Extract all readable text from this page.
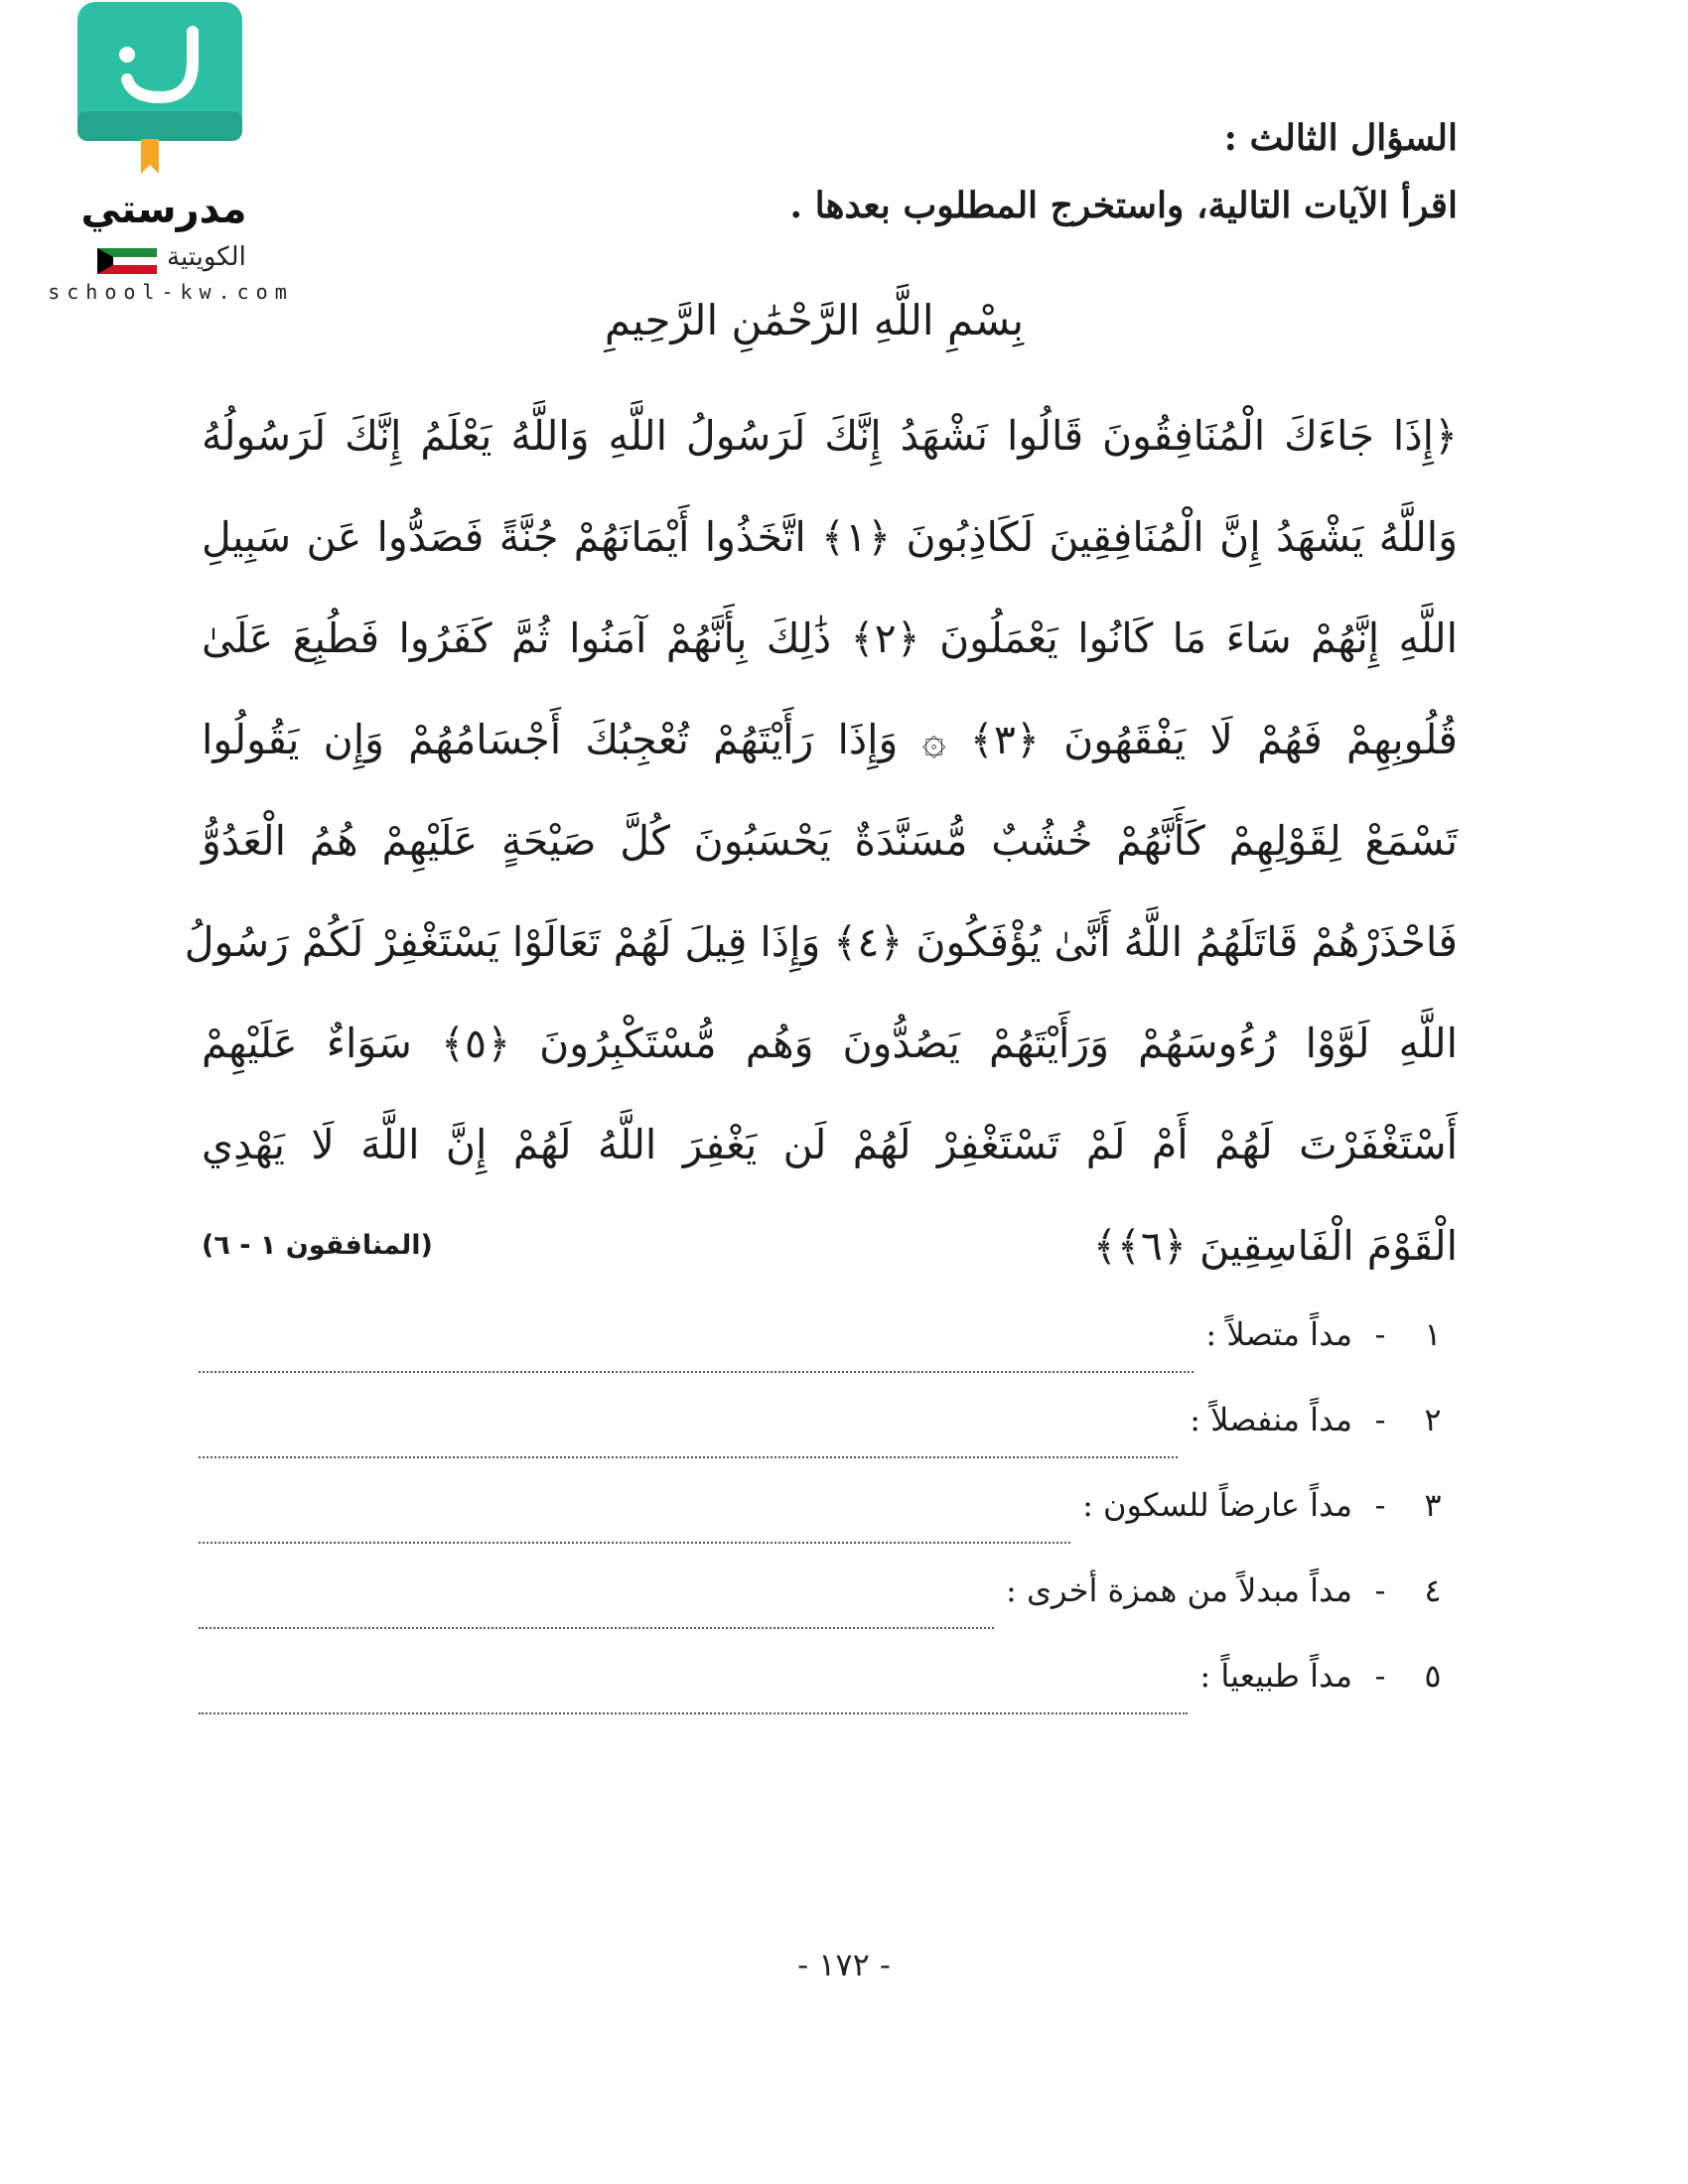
مدرستي
الكويتية
school-kw.com
السؤال الثالث :
اقرأ الآيات التالية، واستخرج المطلوب بعدها .
بِسْمِ اللَّهِ الرَّحْمَٰنِ الرَّحِيمِ
﴿إِذَا جَاءَكَ الْمُنَافِقُونَ قَالُوا نَشْهَدُ إِنَّكَ لَرَسُولُ اللَّهِ وَاللَّهُ يَعْلَمُ إِنَّكَ لَرَسُولُهُ
وَاللَّهُ يَشْهَدُ إِنَّ الْمُنَافِقِينَ لَكَاذِبُونَ ﴿١﴾ اتَّخَذُوا أَيْمَانَهُمْ جُنَّةً فَصَدُّوا عَن سَبِيلِ
اللَّهِ إِنَّهُمْ سَاءَ مَا كَانُوا يَعْمَلُونَ ﴿٢﴾ ذَٰلِكَ بِأَنَّهُمْ آمَنُوا ثُمَّ كَفَرُوا فَطُبِعَ عَلَىٰ
قُلُوبِهِمْ فَهُمْ لَا يَفْقَهُونَ ﴿٣﴾ ۞ وَإِذَا رَأَيْتَهُمْ تُعْجِبُكَ أَجْسَامُهُمْ وَإِن يَقُولُوا
تَسْمَعْ لِقَوْلِهِمْ كَأَنَّهُمْ خُشُبٌ مُّسَنَّدَةٌ يَحْسَبُونَ كُلَّ صَيْحَةٍ عَلَيْهِمْ هُمُ الْعَدُوُّ
فَاحْذَرْهُمْ قَاتَلَهُمُ اللَّهُ أَنَّىٰ يُؤْفَكُونَ ﴿٤﴾ وَإِذَا قِيلَ لَهُمْ تَعَالَوْا يَسْتَغْفِرْ لَكُمْ رَسُولُ
اللَّهِ لَوَّوْا رُءُوسَهُمْ وَرَأَيْتَهُمْ يَصُدُّونَ وَهُم مُّسْتَكْبِرُونَ ﴿٥﴾ سَوَاءٌ عَلَيْهِمْ
أَسْتَغْفَرْتَ لَهُمْ أَمْ لَمْ تَسْتَغْفِرْ لَهُمْ لَن يَغْفِرَ اللَّهُ لَهُمْ إِنَّ اللَّهَ لَا يَهْدِي
الْقَوْمَ الْفَاسِقِينَ ﴿٦﴾﴾
(المنافقون ١ - ٦)
١
-
مداً متصلاً :
٢
-
مداً منفصلاً :
٣
-
مداً عارضاً للسكون :
٤
-
مداً مبدلاً من همزة أخرى :
٥
-
مداً طبيعياً :
- ١٧٢ -
